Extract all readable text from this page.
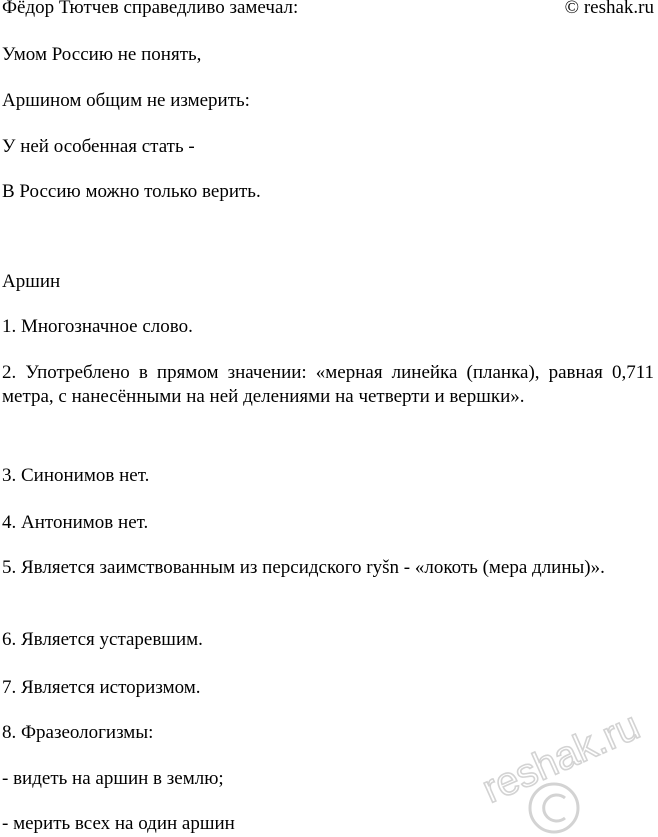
Фёдор Тютчев справедливо замечал:	© reshak.ru

Умом Россию не понять,

Аршином общим не измерить:

У ней особенная стать -

В Россию можно только верить.

Аршин

1. Многозначное слово.

2. Употреблено в прямом значении: «мерная линейка (планка), равная 0,711 метра, с нанесёнными на ней делениями на четверти и вершки».

3. Синонимов нет.

4. Антонимов нет.

5. Является заимствованным из персидского ryšn - «локоть (мера длины)».

6. Является устаревшим.

7. Является историзмом.

8. Фразеологизмы:

- видеть на аршин в землю;

- мерить всех на один аршин

reshak.ru
